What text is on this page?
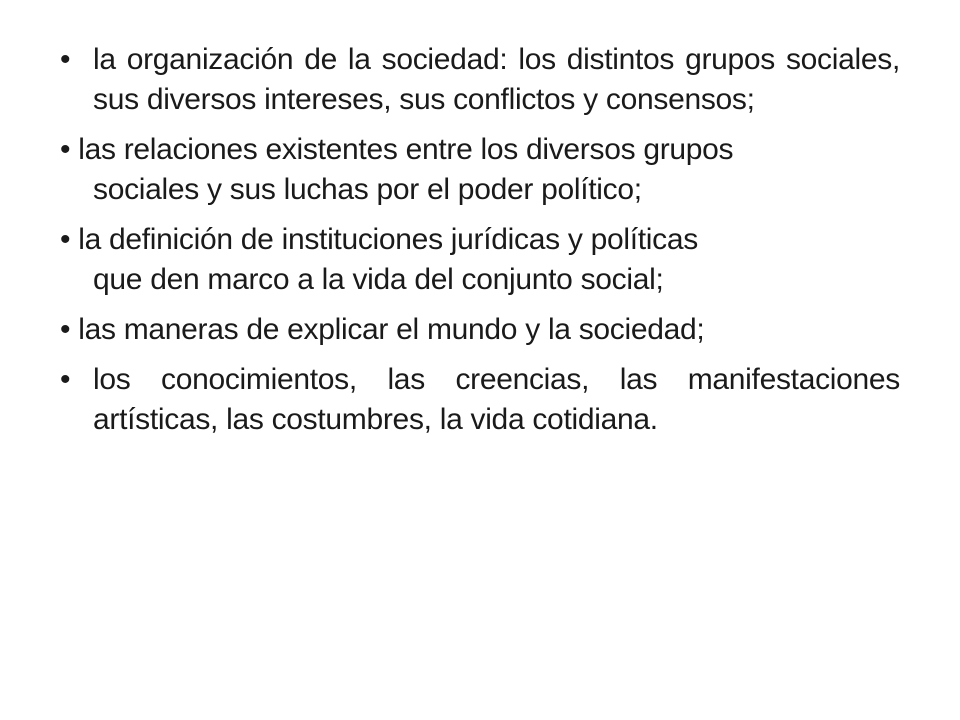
• la organización de la sociedad: los distintos grupos sociales, sus diversos intereses, sus conflictos y consensos;
• las relaciones existentes entre los diversos grupos
sociales y sus luchas por el poder político;
• la definición de instituciones jurídicas y políticas
que den marco a la vida del conjunto social;
• las maneras de explicar el mundo y la sociedad;
• los conocimientos, las creencias, las manifestaciones artísticas, las costumbres, la vida cotidiana.
